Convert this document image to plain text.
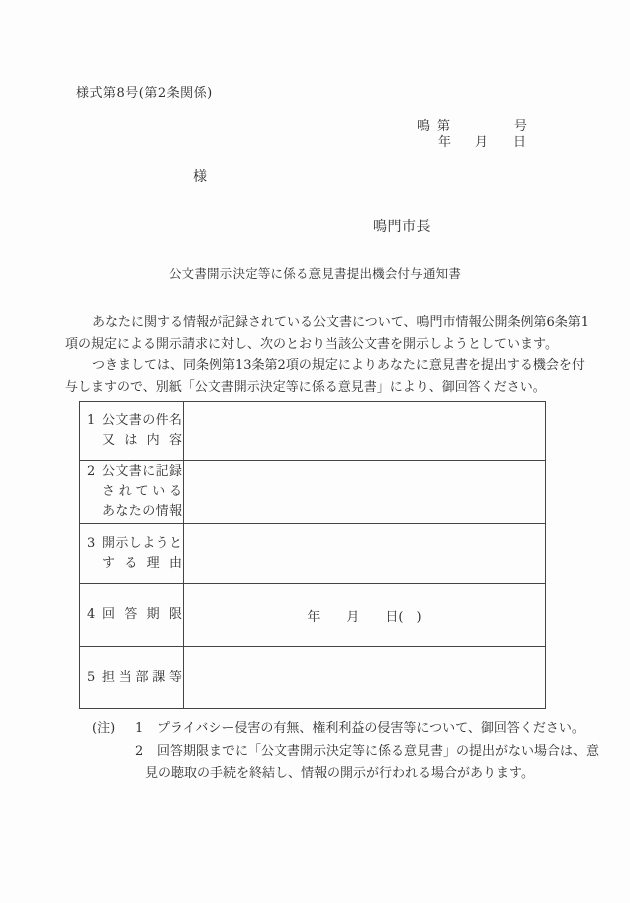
様式第8号(第2条関係)
鳴 第	号
年 月 日
様
鳴門市長
公文書開示決定等に係る意見書提出機会付与通知書
あなたに関する情報が記録されている公文書について、鳴門市情報公開条例第6条第1
項の規定による開示請求に対し、次のとおり当該公文書を開示しようとしています。
つきましては、同条例第13条第2項の規定によりあなたに意見書を提出する機会を付
与しますので、別紙「公文書開示決定等に係る意見書」により、御回答ください。
1 公文書の件名
又は内容
2 公文書に記録
されている
あなたの情報
3 開示しようと
する理由
4 回答期限	年　　月　　日(　)
5 担当部課等
(注)	1	プライバシー侵害の有無、権利利益の侵害等について、御回答ください。
2	回答期限までに「公文書開示決定等に係る意見書」の提出がない場合は、意
見の聴取の手続を終結し、情報の開示が行われる場合があります。
